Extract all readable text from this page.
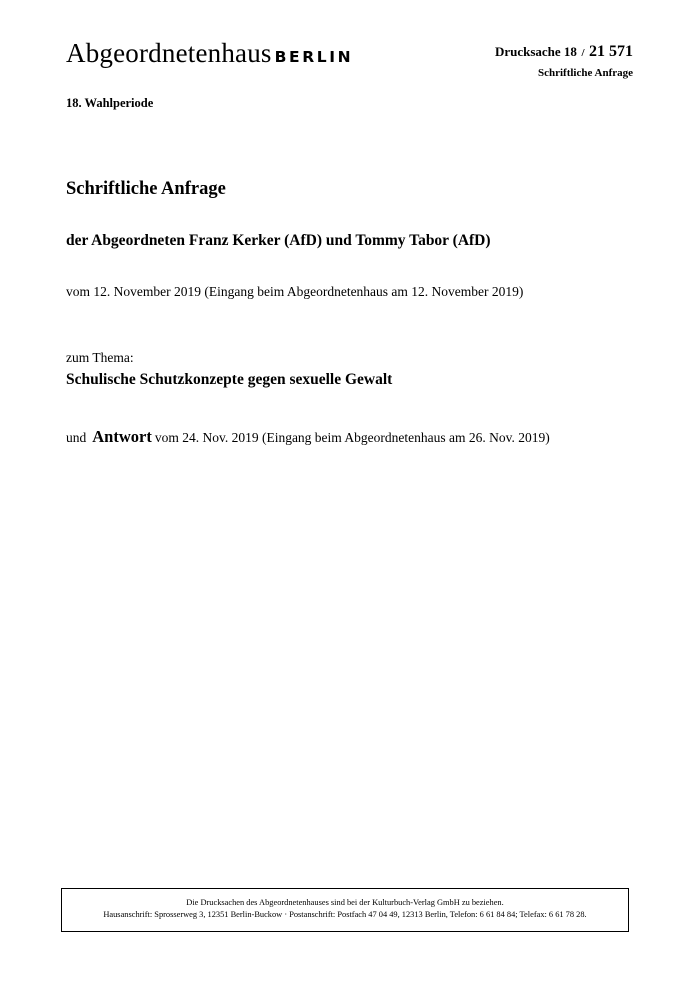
Abgeordnetenhaus BERLIN	Drucksache 18 / 21 571
Schriftliche Anfrage
18. Wahlperiode
Schriftliche Anfrage
der Abgeordneten Franz Kerker (AfD) und Tommy Tabor (AfD)
vom 12. November 2019 (Eingang beim Abgeordnetenhaus am 12. November 2019)
zum Thema:
Schulische Schutzkonzepte gegen sexuelle Gewalt
und Antwort vom 24. Nov. 2019 (Eingang beim Abgeordnetenhaus am 26. Nov. 2019)
Die Drucksachen des Abgeordnetenhauses sind bei der Kulturbuch-Verlag GmbH zu beziehen.
Hausanschrift: Sprosserweg 3, 12351 Berlin-Buckow · Postanschrift: Postfach 47 04 49, 12313 Berlin, Telefon: 6 61 84 84; Telefax: 6 61 78 28.
